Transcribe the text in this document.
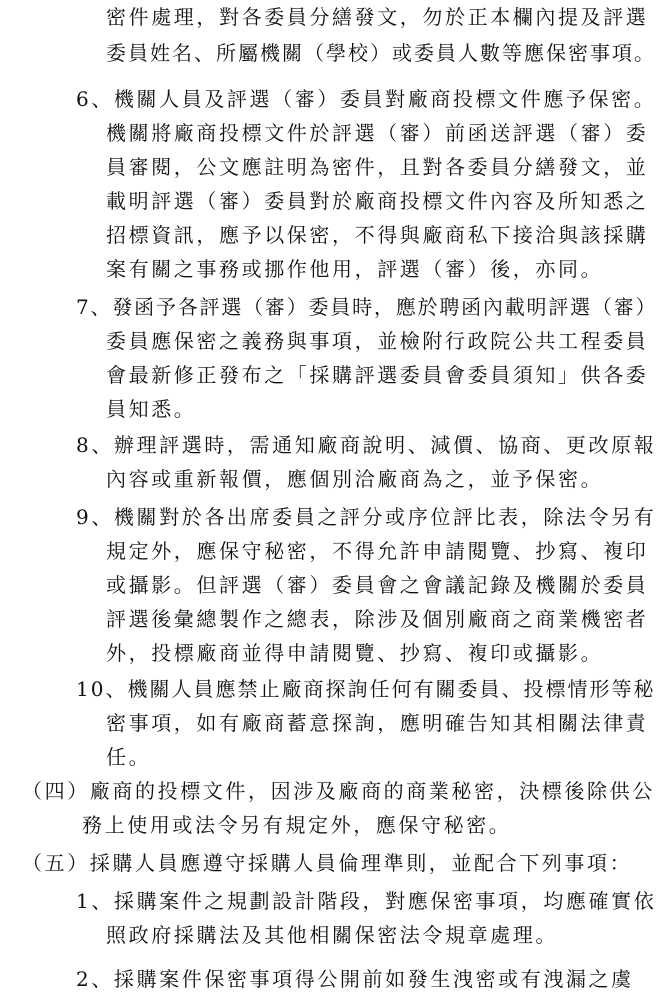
密件處理，對各委員分繕發文，勿於正本欄內提及評選
委員姓名、所屬機關（學校）或委員人數等應保密事項。
6、機關人員及評選（審）委員對廠商投標文件應予保密。
機關將廠商投標文件於評選（審）前函送評選（審）委
員審閱，公文應註明為密件，且對各委員分繕發文，並
載明評選（審）委員對於廠商投標文件內容及所知悉之
招標資訊，應予以保密，不得與廠商私下接洽與該採購
案有關之事務或挪作他用，評選（審）後，亦同。
7、發函予各評選（審）委員時，應於聘函內載明評選（審）
委員應保密之義務與事項，並檢附行政院公共工程委員
會最新修正發布之「採購評選委員會委員須知」供各委
員知悉。
8、辦理評選時，需通知廠商說明、減價、協商、更改原報
內容或重新報價，應個別洽廠商為之，並予保密。
9、機關對於各出席委員之評分或序位評比表，除法令另有
規定外，應保守秘密，不得允許申請閱覽、抄寫、複印
或攝影。但評選（審）委員會之會議記錄及機關於委員
評選後彙總製作之總表，除涉及個別廠商之商業機密者
外，投標廠商並得申請閱覽、抄寫、複印或攝影。
10、機關人員應禁止廠商探詢任何有關委員、投標情形等秘
密事項，如有廠商蓄意探詢，應明確告知其相關法律責
任。
（四）廠商的投標文件，因涉及廠商的商業秘密，決標後除供公
務上使用或法令另有規定外，應保守秘密。
（五）採購人員應遵守採購人員倫理準則，並配合下列事項：
1、採購案件之規劃設計階段，對應保密事項，均應確實依
照政府採購法及其他相關保密法令規章處理。
2、採購案件保密事項得公開前如發生洩密或有洩漏之虞
